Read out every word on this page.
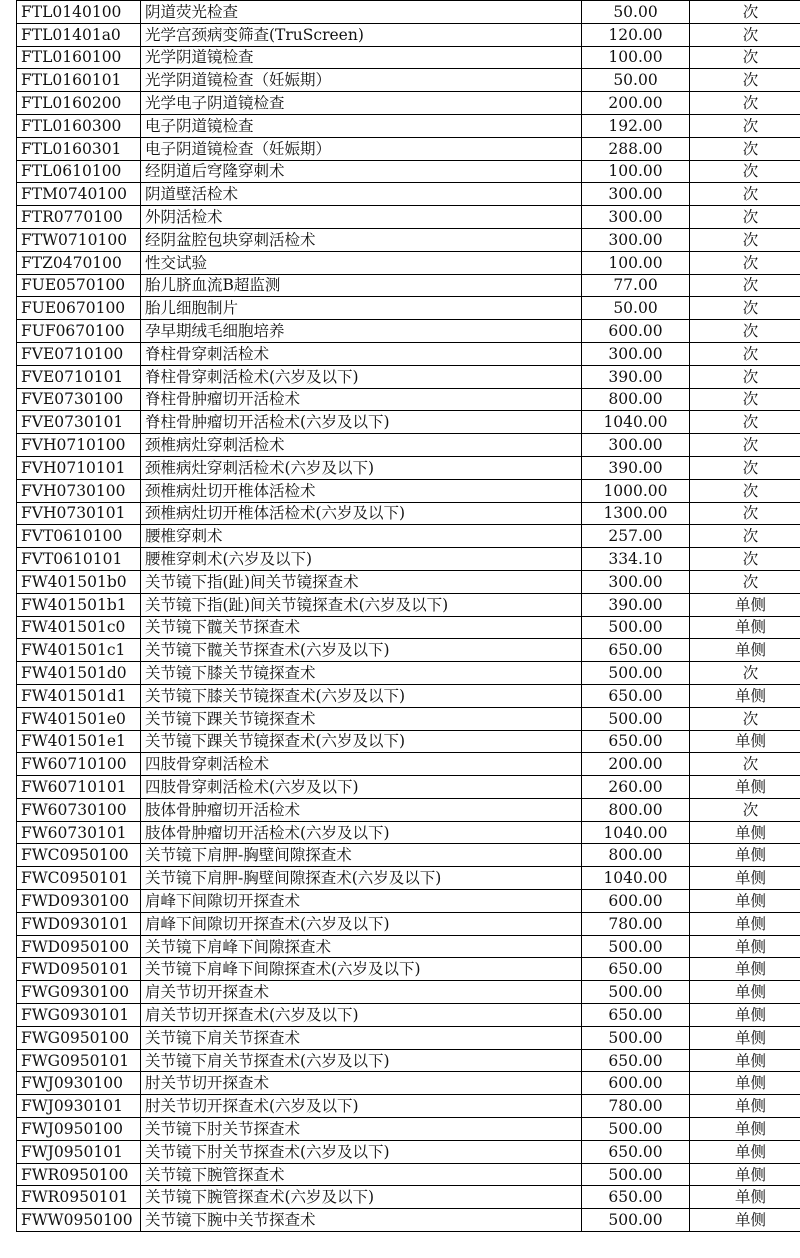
FTL0140100	阴道荧光检查	50.00	次
FTL01401a0	光学宫颈病变筛查(TruScreen)	120.00	次
FTL0160100	光学阴道镜检查	100.00	次
FTL0160101	光学阴道镜检查（妊娠期）	50.00	次
FTL0160200	光学电子阴道镜检查	200.00	次
FTL0160300	电子阴道镜检查	192.00	次
FTL0160301	电子阴道镜检查（妊娠期）	288.00	次
FTL0610100	经阴道后穹隆穿刺术	100.00	次
FTM0740100	阴道壁活检术	300.00	次
FTR0770100	外阴活检术	300.00	次
FTW0710100	经阴盆腔包块穿刺活检术	300.00	次
FTZ0470100	性交试验	100.00	次
FUE0570100	胎儿脐血流B超监测	77.00	次
FUE0670100	胎儿细胞制片	50.00	次
FUF0670100	孕早期绒毛细胞培养	600.00	次
FVE0710100	脊柱骨穿刺活检术	300.00	次
FVE0710101	脊柱骨穿刺活检术(六岁及以下)	390.00	次
FVE0730100	脊柱骨肿瘤切开活检术	800.00	次
FVE0730101	脊柱骨肿瘤切开活检术(六岁及以下)	1040.00	次
FVH0710100	颈椎病灶穿刺活检术	300.00	次
FVH0710101	颈椎病灶穿刺活检术(六岁及以下)	390.00	次
FVH0730100	颈椎病灶切开椎体活检术	1000.00	次
FVH0730101	颈椎病灶切开椎体活检术(六岁及以下)	1300.00	次
FVT0610100	腰椎穿刺术	257.00	次
FVT0610101	腰椎穿刺术(六岁及以下)	334.10	次
FW401501b0	关节镜下指(趾)间关节镜探查术	300.00	次
FW401501b1	关节镜下指(趾)间关节镜探查术(六岁及以下)	390.00	单侧
FW401501c0	关节镜下髋关节探查术	500.00	单侧
FW401501c1	关节镜下髋关节探查术(六岁及以下)	650.00	单侧
FW401501d0	关节镜下膝关节镜探查术	500.00	次
FW401501d1	关节镜下膝关节镜探查术(六岁及以下)	650.00	单侧
FW401501e0	关节镜下踝关节镜探查术	500.00	次
FW401501e1	关节镜下踝关节镜探查术(六岁及以下)	650.00	单侧
FW60710100	四肢骨穿刺活检术	200.00	次
FW60710101	四肢骨穿刺活检术(六岁及以下)	260.00	单侧
FW60730100	肢体骨肿瘤切开活检术	800.00	次
FW60730101	肢体骨肿瘤切开活检术(六岁及以下)	1040.00	单侧
FWC0950100	关节镜下肩胛-胸壁间隙探查术	800.00	单侧
FWC0950101	关节镜下肩胛-胸壁间隙探查术(六岁及以下)	1040.00	单侧
FWD0930100	肩峰下间隙切开探查术	600.00	单侧
FWD0930101	肩峰下间隙切开探查术(六岁及以下)	780.00	单侧
FWD0950100	关节镜下肩峰下间隙探查术	500.00	单侧
FWD0950101	关节镜下肩峰下间隙探查术(六岁及以下)	650.00	单侧
FWG0930100	肩关节切开探查术	500.00	单侧
FWG0930101	肩关节切开探查术(六岁及以下)	650.00	单侧
FWG0950100	关节镜下肩关节探查术	500.00	单侧
FWG0950101	关节镜下肩关节探查术(六岁及以下)	650.00	单侧
FWJ0930100	肘关节切开探查术	600.00	单侧
FWJ0930101	肘关节切开探查术(六岁及以下)	780.00	单侧
FWJ0950100	关节镜下肘关节探查术	500.00	单侧
FWJ0950101	关节镜下肘关节探查术(六岁及以下)	650.00	单侧
FWR0950100	关节镜下腕管探查术	500.00	单侧
FWR0950101	关节镜下腕管探查术(六岁及以下)	650.00	单侧
FWW0950100	关节镜下腕中关节探查术	500.00	单侧
